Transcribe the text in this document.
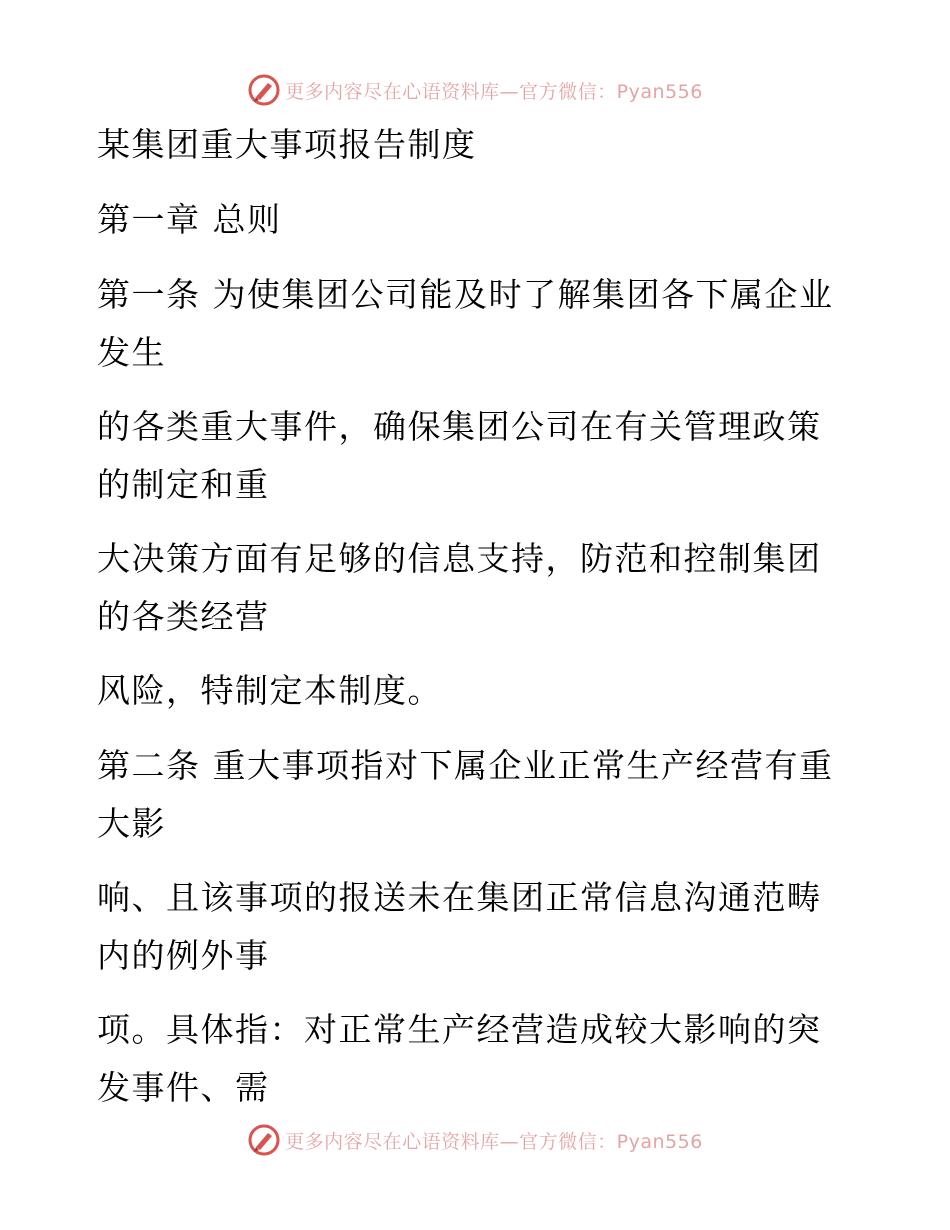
更多内容尽在心语资料库—官方微信：Pyan556
某集团重大事项报告制度
第一章 总则
第一条 为使集团公司能及时了解集团各下属企业
发生
的各类重大事件，确保集团公司在有关管理政策
的制定和重
大决策方面有足够的信息支持，防范和控制集团
的各类经营
风险，特制定本制度。
第二条 重大事项指对下属企业正常生产经营有重
大影
响、且该事项的报送未在集团正常信息沟通范畴
内的例外事
项。具体指：对正常生产经营造成较大影响的突
发事件、需
更多内容尽在心语资料库—官方微信：Pyan556
